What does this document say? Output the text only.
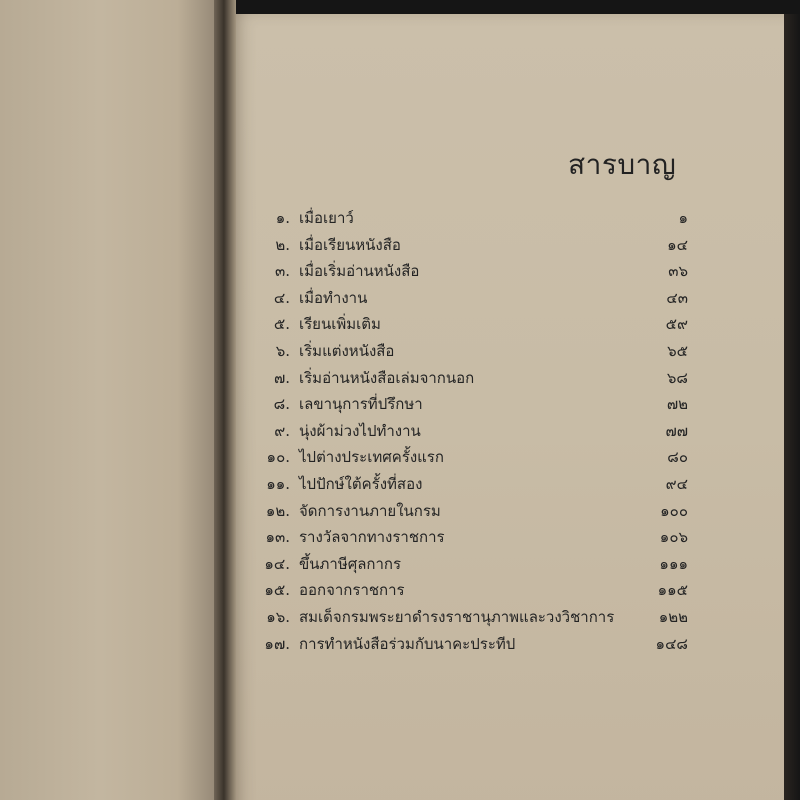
สารบาญ
๑. เมื่อเยาว์	๑
๒. เมื่อเรียนหนังสือ	๑๔
๓. เมื่อเริ่มอ่านหนังสือ	๓๖
๔. เมื่อทำงาน	๔๓
๕. เรียนเพิ่มเติม	๕๙
๖. เริ่มแต่งหนังสือ	๖๕
๗. เริ่มอ่านหนังสือเล่มจากนอก	๖๘
๘. เลขานุการที่ปรึกษา	๗๒
๙. นุ่งผ้าม่วงไปทำงาน	๗๗
๑๐. ไปต่างประเทศครั้งแรก	๘๐
๑๑. ไปปักษ์ใต้ครั้งที่สอง	๙๔
๑๒. จัดการงานภายในกรม	๑๐๐
๑๓. รางวัลจากทางราชการ	๑๐๖
๑๔. ขึ้นภาษีศุลกากร	๑๑๑
๑๕. ออกจากราชการ	๑๑๕
๑๖. สมเด็จกรมพระยาดำรงราชานุภาพและวงวิชาการ	๑๒๒
๑๗. การทำหนังสือร่วมกับนาคะประทีป	๑๔๘
